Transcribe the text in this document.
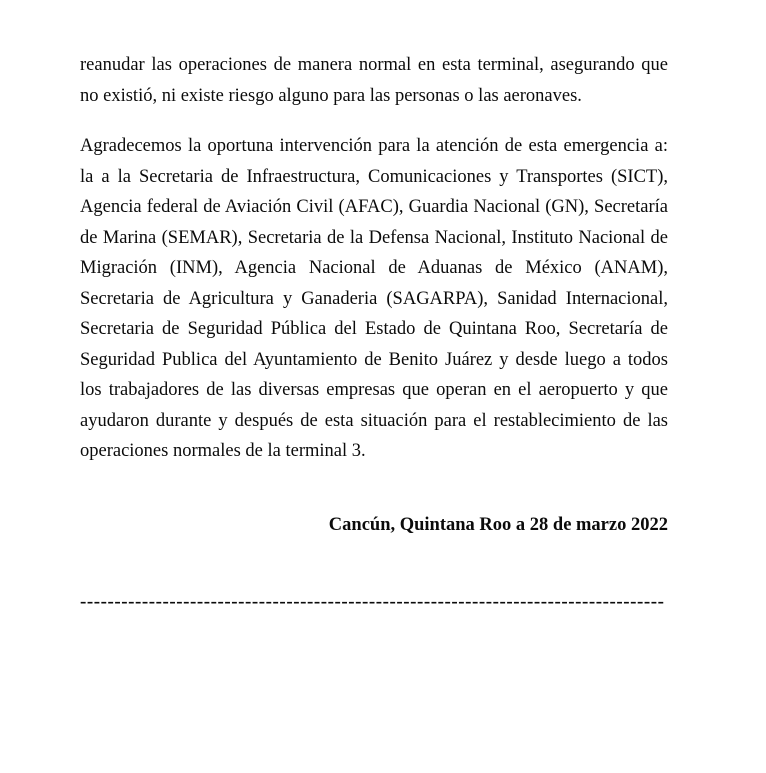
reanudar las operaciones de manera normal en esta terminal, asegurando que no existió, ni existe riesgo alguno para las personas o las aeronaves.

Agradecemos la oportuna intervención para la atención de esta emergencia a: la a la Secretaria de Infraestructura, Comunicaciones y Transportes (SICT), Agencia federal de Aviación Civil (AFAC), Guardia Nacional (GN), Secretaría de Marina (SEMAR), Secretaria de la Defensa Nacional, Instituto Nacional de Migración (INM), Agencia Nacional de Aduanas de México (ANAM), Secretaria de Agricultura y Ganaderia (SAGARPA), Sanidad Internacional, Secretaria de Seguridad Pública del Estado de Quintana Roo, Secretaría de Seguridad Publica del Ayuntamiento de Benito Juárez y desde luego a todos los trabajadores de las diversas empresas que operan en el aeropuerto y que ayudaron durante y después de esta situación para el restablecimiento de las operaciones normales de la terminal 3.

Cancún, Quintana Roo a 28 de marzo 2022
-------------------------------------------------------------------------------------
